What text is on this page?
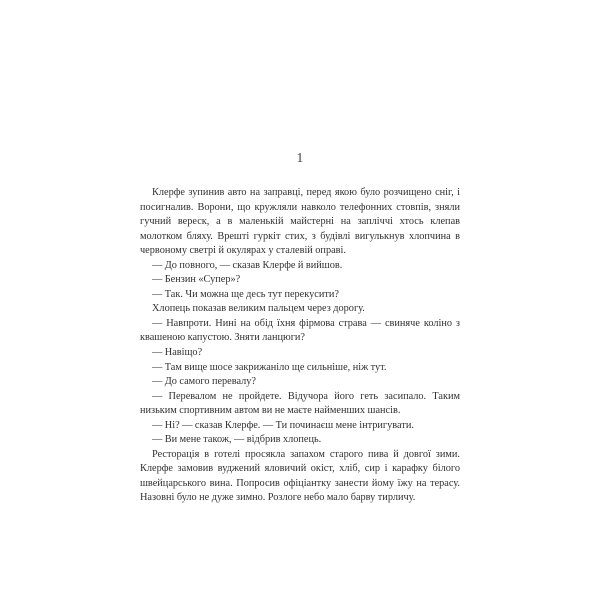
1

Клерфе зупинив авто на заправці, перед якою було розчищено сніг, і посигналив. Ворони, що кружляли навколо телефонних стовпів, зняли гучний вереск, а в маленькій майстерні на запліччі хтось клепав молотком бляху. Врешті гуркіт стих, з будівлі вигулькнув хлопчина в червоному светрі й окулярах у сталевій оправі.

— До повного, — сказав Клерфе й вийшов.

— Бензин «Супер»?

— Так. Чи можна ще десь тут перекусити?

Хлопець показав великим пальцем через дорогу.

— Навпроти. Нині на обід їхня фірмова страва — свиняче коліно з квашеною капустою. Зняти ланцюги?

— Навіщо?

— Там вище шосе закрижаніло ще сильніше, ніж тут.

— До самого перевалу?

— Перевалом не пройдете. Відучора його геть засипало. Таким низьким спортивним автом ви не маєте найменших шансів.

— Ні? — сказав Клерфе. — Ти починаєш мене інтригувати.

— Ви мене також, — відбрив хлопець.

Ресторація в готелі просякла запахом старого пива й довгої зими. Клерфе замовив вуджений яловичий окіст, хліб, сир і карафку білого швейцарського вина. Попросив офіціантку занести йому їжу на терасу. Назовні було не дуже зимно. Розлоге небо мало барву тирличу.
